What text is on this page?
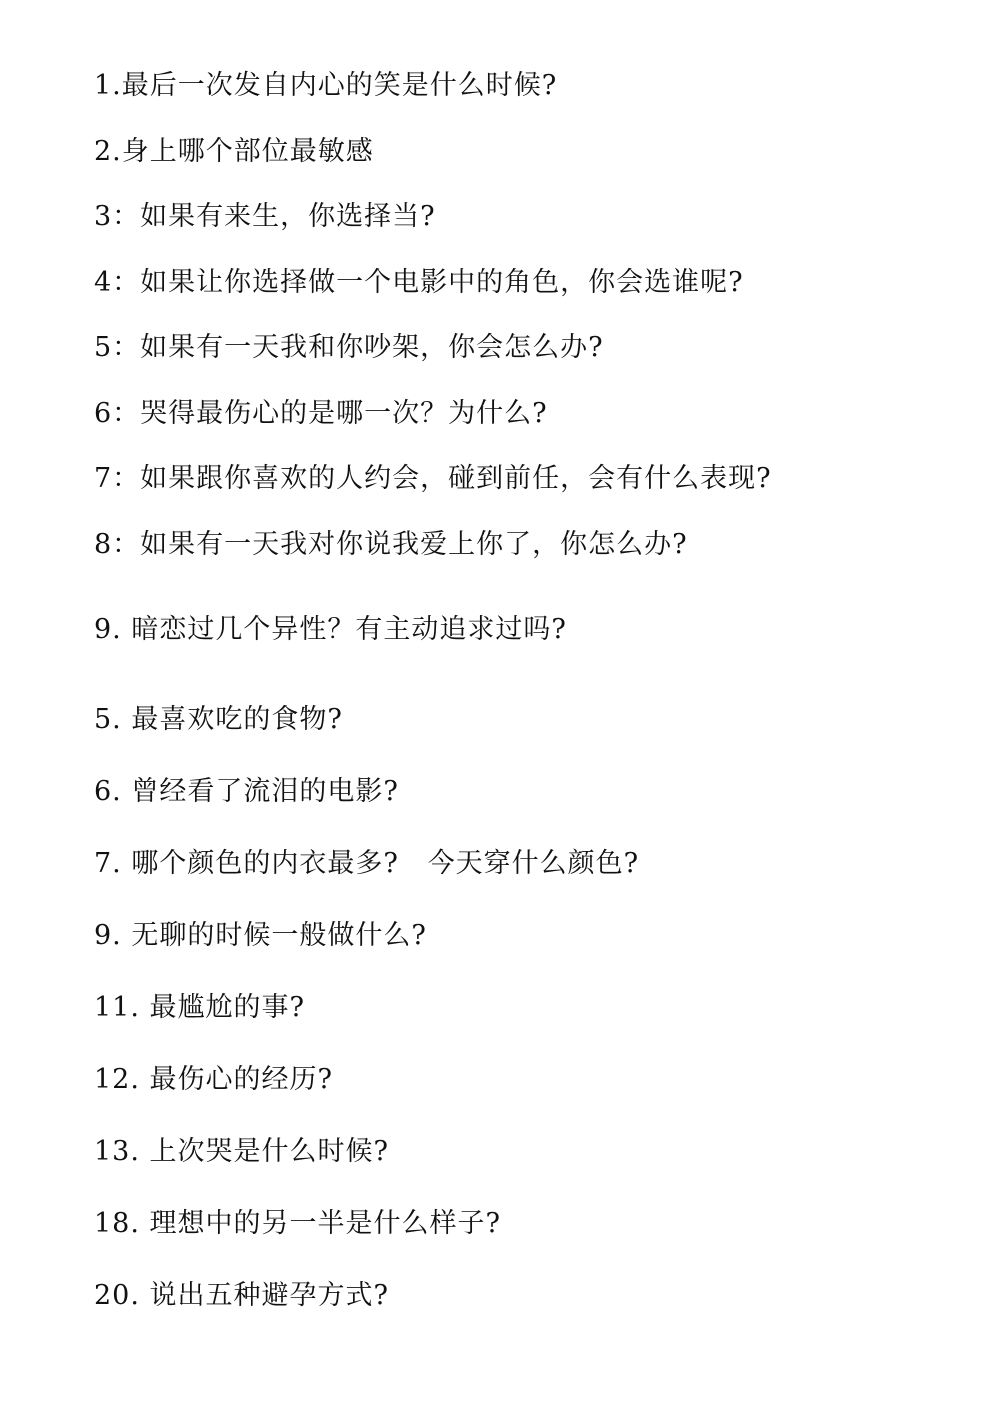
1.最后一次发自内心的笑是什么时候?

2.身上哪个部位最敏感

3：如果有来生，你选择当?

4：如果让你选择做一个电影中的角色，你会选谁呢?

5：如果有一天我和你吵架，你会怎么办?

6：哭得最伤心的是哪一次？为什么?

7：如果跟你喜欢的人约会，碰到前任，会有什么表现?

8：如果有一天我对你说我爱上你了，你怎么办?

9. 暗恋过几个异性？有主动追求过吗?

5. 最喜欢吃的食物?

6. 曾经看了流泪的电影?

7. 哪个颜色的内衣最多?   今天穿什么颜色?

9. 无聊的时候一般做什么?

11. 最尴尬的事?

12. 最伤心的经历?

13. 上次哭是什么时候?

18. 理想中的另一半是什么样子?

20. 说出五种避孕方式?
